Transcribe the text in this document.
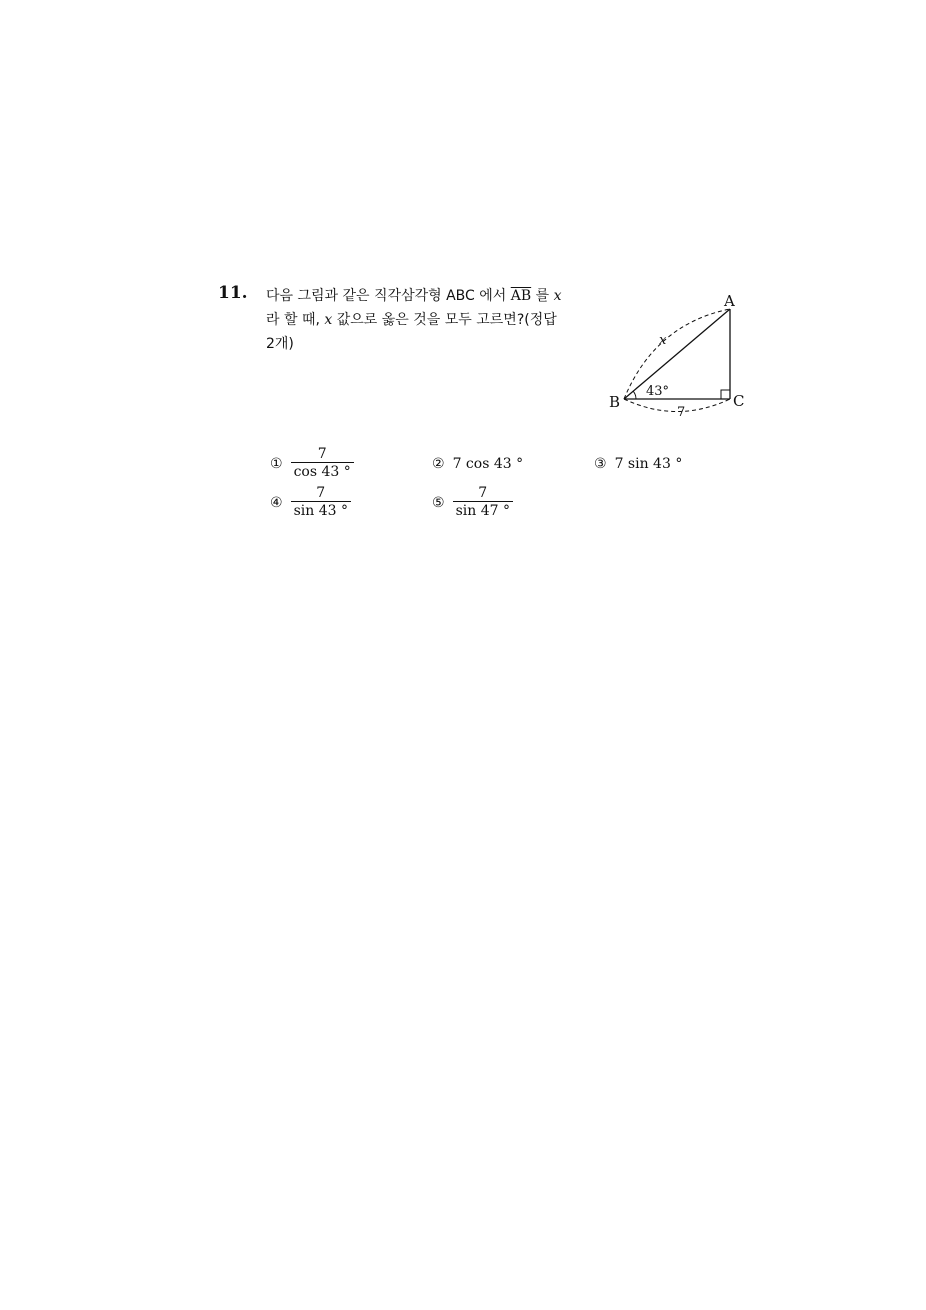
11. 다음 그림과 같은 직각삼각형 ABC 에서 $\overline{AB}$ 를 x
라 할 때, x 값으로 옳은 것을 모두 고르면?(정답
2개)
A
B	C
43°
7
x
① $\frac{7}{\cos 43 ^\circ}$	② 7 cos 43 °	③ 7 sin 43 °
④ $\frac{7}{\sin 43 ^\circ}$	⑤ $\frac{7}{\sin 47 ^\circ}$
